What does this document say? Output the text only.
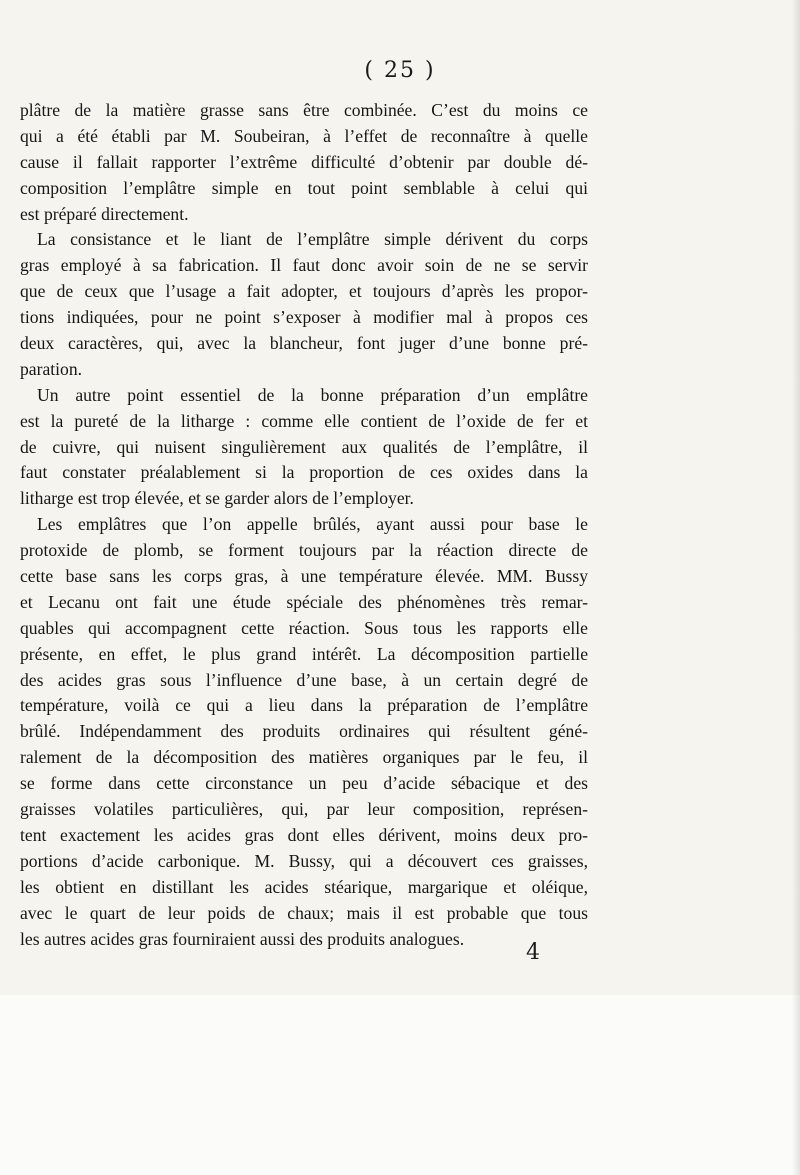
( 25 )
plâtre de la matière grasse sans être combinée. C’est du moins ce
qui a été établi par M. Soubeiran, à l’effet de reconnaître à quelle
cause il fallait rapporter l’extrême difficulté d’obtenir par double dé-
composition l’emplâtre simple en tout point semblable à celui qui
est préparé directement.
La consistance et le liant de l’emplâtre simple dérivent du corps
gras employé à sa fabrication. Il faut donc avoir soin de ne se servir
que de ceux que l’usage a fait adopter, et toujours d’après les propor-
tions indiquées, pour ne point s’exposer à modifier mal à propos ces
deux caractères, qui, avec la blancheur, font juger d’une bonne pré-
paration.
Un autre point essentiel de la bonne préparation d’un emplâtre
est la pureté de la litharge : comme elle contient de l’oxide de fer et
de cuivre, qui nuisent singulièrement aux qualités de l’emplâtre, il
faut constater préalablement si la proportion de ces oxides dans la
litharge est trop élevée, et se garder alors de l’employer.
Les emplâtres que l’on appelle brûlés, ayant aussi pour base le
protoxide de plomb, se forment toujours par la réaction directe de
cette base sans les corps gras, à une température élevée. MM. Bussy
et Lecanu ont fait une étude spéciale des phénomènes très remar-
quables qui accompagnent cette réaction. Sous tous les rapports elle
présente, en effet, le plus grand intérêt. La décomposition partielle
des acides gras sous l’influence d’une base, à un certain degré de
température, voilà ce qui a lieu dans la préparation de l’emplâtre
brûlé. Indépendamment des produits ordinaires qui résultent géné-
ralement de la décomposition des matières organiques par le feu, il
se forme dans cette circonstance un peu d’acide sébacique et des
graisses volatiles particulières, qui, par leur composition, représen-
tent exactement les acides gras dont elles dérivent, moins deux pro-
portions d’acide carbonique. M. Bussy, qui a découvert ces graisses,
les obtient en distillant les acides stéarique, margarique et oléique,
avec le quart de leur poids de chaux; mais il est probable que tous
les autres acides gras fourniraient aussi des produits analogues.
4
